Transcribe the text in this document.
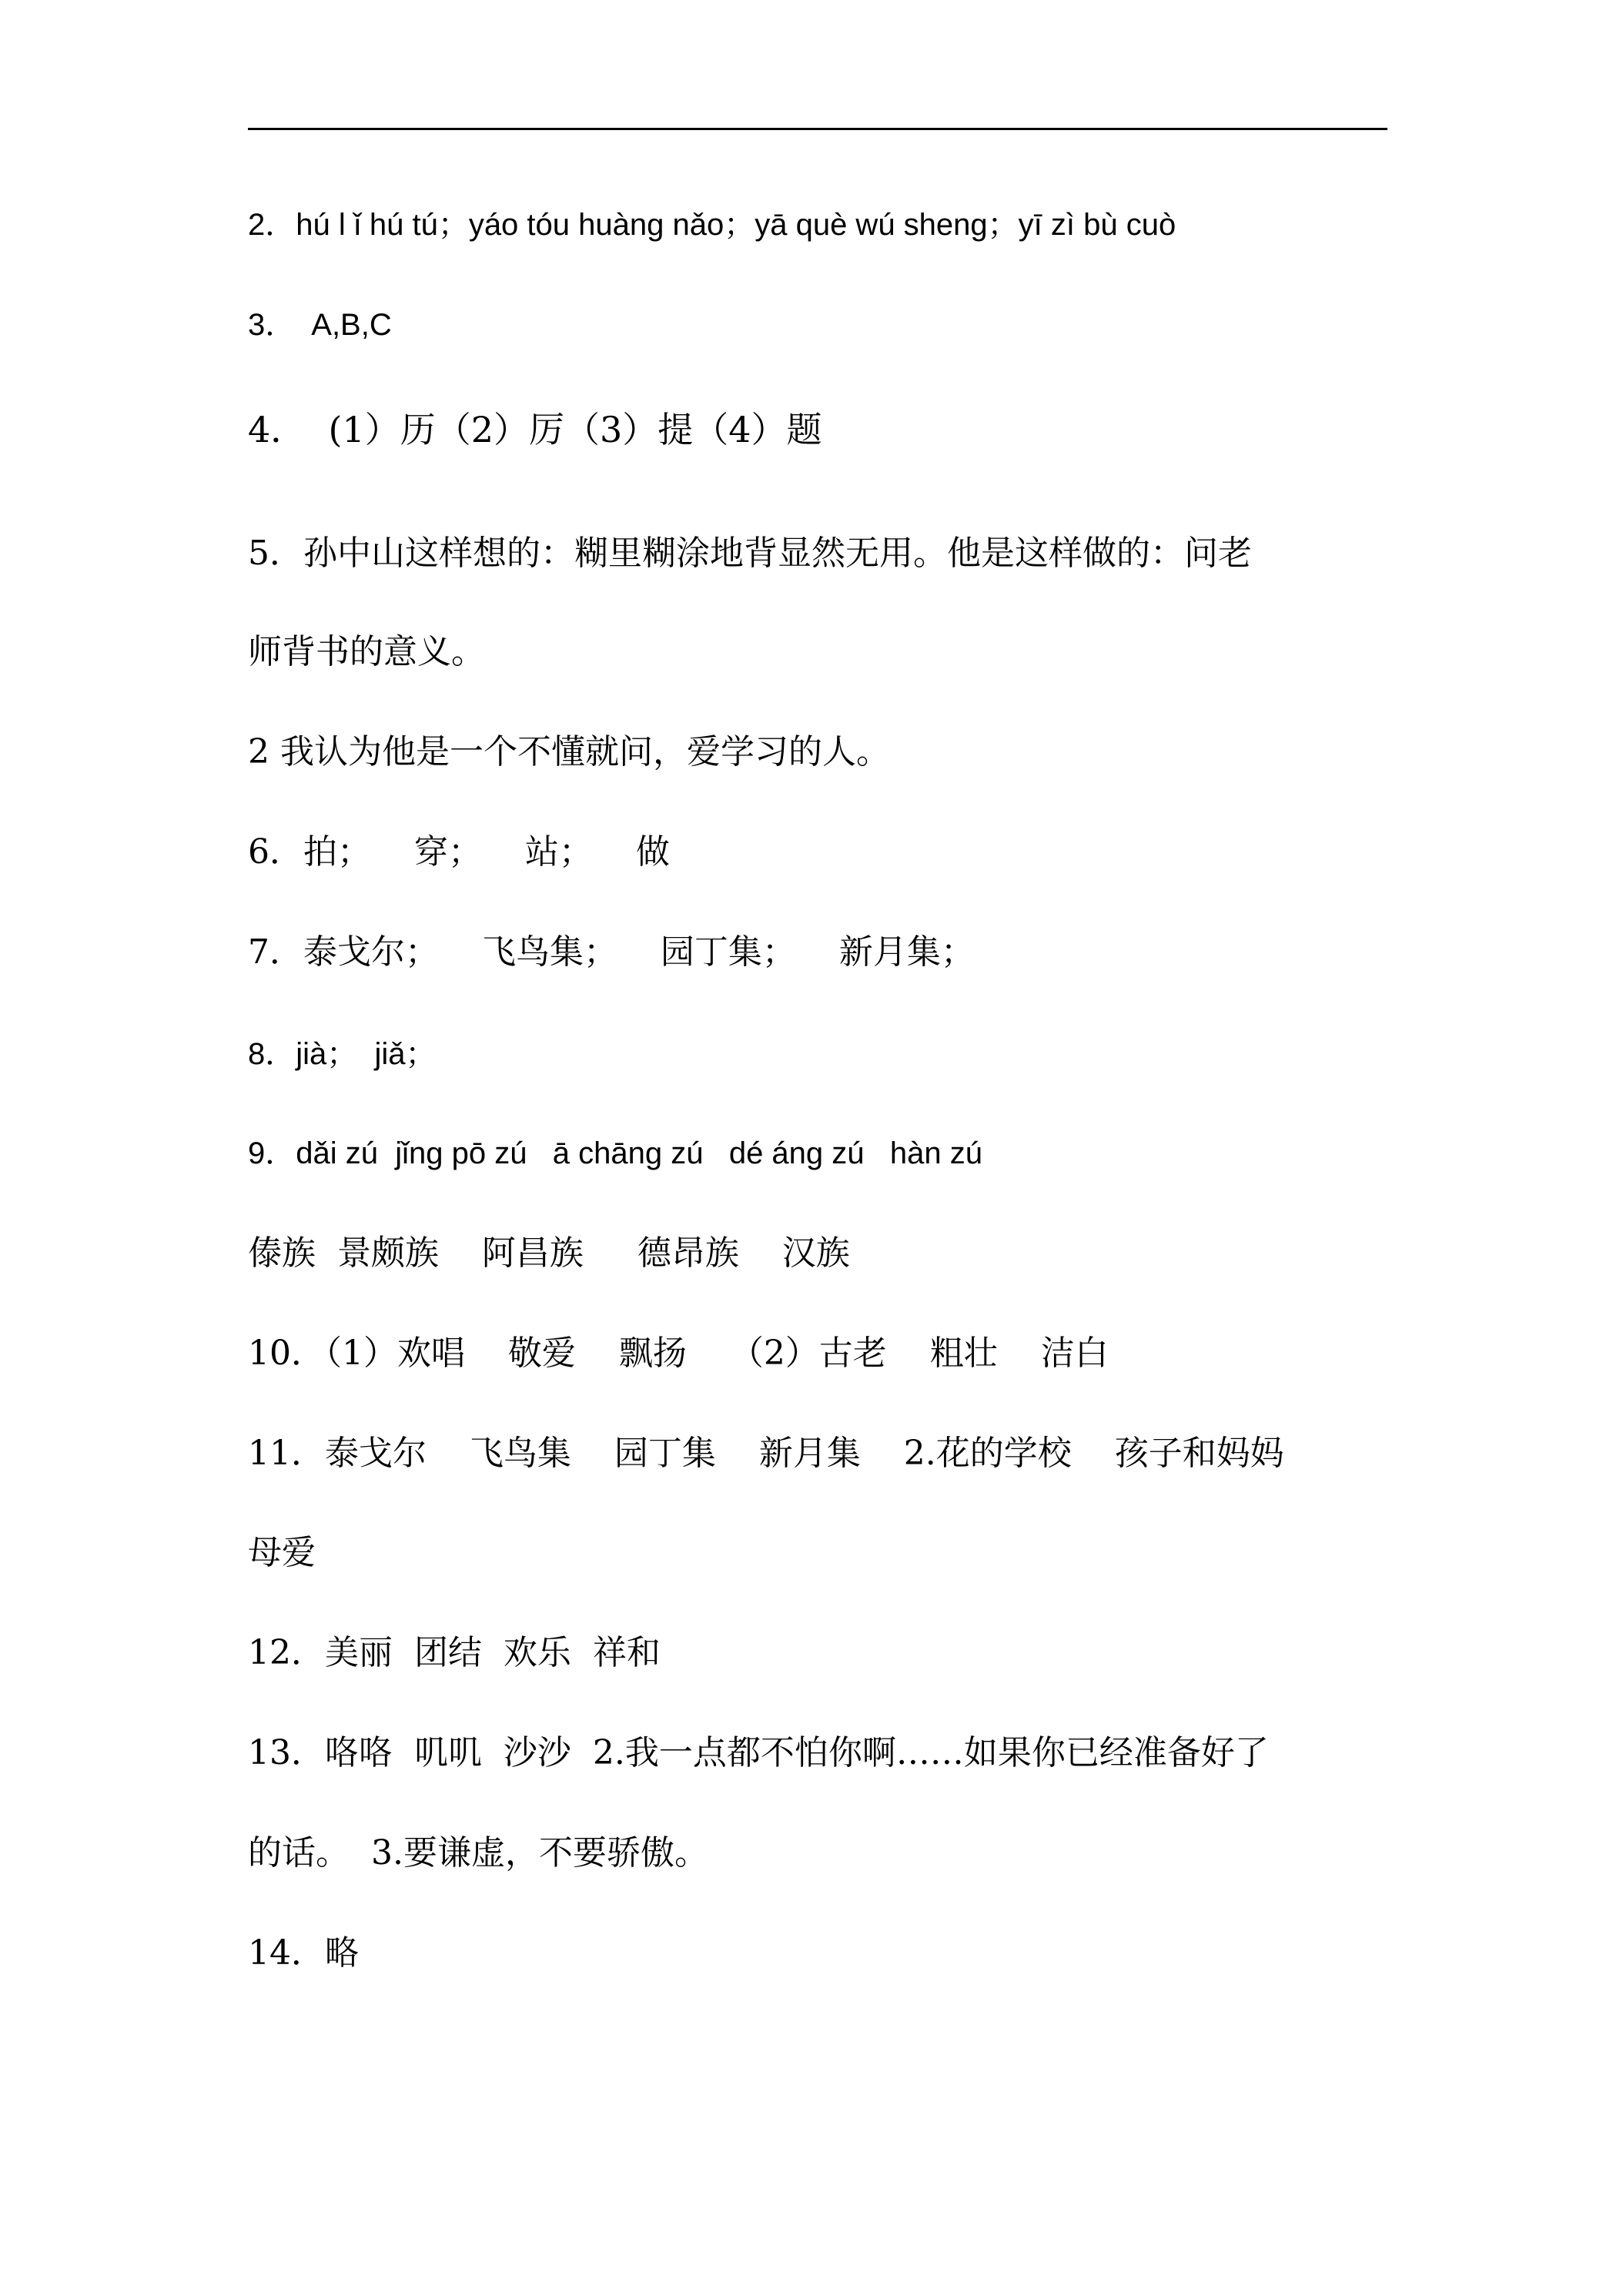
2．hú l ǐ hú tú；yáo tóu huàng nǎo；yā què wú sheng；yī zì bù cuò
3．  A,B,C
4．  (1）历（2）厉（3）提（4）题
5．孙中山这样想的：糊里糊涂地背显然无用。他是这样做的：问老
师背书的意义。
2 我认为他是一个不懂就问，爱学习的人。
6．拍；    穿；    站；    做
7．泰戈尔；    飞鸟集；    园丁集；    新月集；
8．jià；  jiǎ；
9．dǎi zú  jǐng pō zú   ā chāng zú   dé áng zú   hàn zú
傣族  景颇族    阿昌族     德昂族    汉族
10．（1）欢唱    敬爱    飘扬    （2）古老    粗壮    洁白
11．泰戈尔    飞鸟集    园丁集    新月集    2.花的学校    孩子和妈妈
母爱
12．美丽  团结  欢乐  祥和
13．咯咯  叽叽  沙沙  2.我一点都不怕你啊……如果你已经准备好了
的话。  3.要谦虚，不要骄傲。
14．略
